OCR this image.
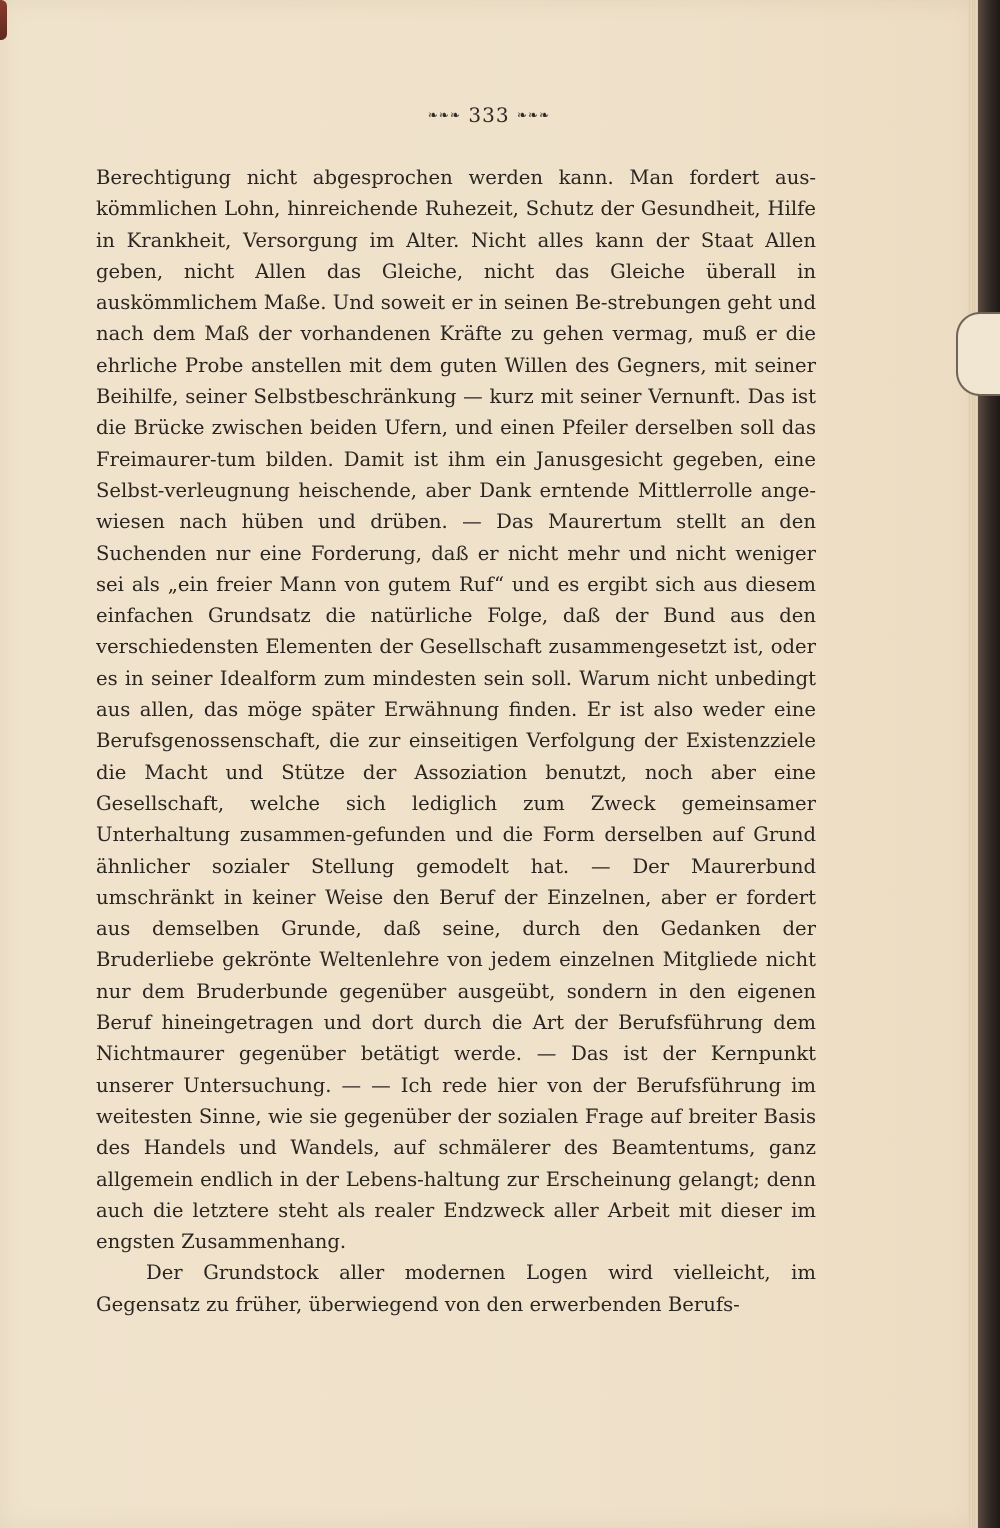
❧❧❧ 333 ❧❧❧

Berechtigung nicht abgesprochen werden kann. Man fordert aus-kömmlichen Lohn, hinreichende Ruhezeit, Schutz der Gesundheit, Hilfe in Krankheit, Versorgung im Alter. Nicht alles kann der Staat Allen geben, nicht Allen das Gleiche, nicht das Gleiche überall in auskömmlichem Maße. Und soweit er in seinen Be-strebungen geht und nach dem Maß der vorhandenen Kräfte zu gehen vermag, muß er die ehrliche Probe anstellen mit dem guten Willen des Gegners, mit seiner Beihilfe, seiner Selbstbeschränkung — kurz mit seiner Vernunft. Das ist die Brücke zwischen beiden Ufern, und einen Pfeiler derselben soll das Freimaurer-tum bilden. Damit ist ihm ein Janusgesicht gegeben, eine Selbst-verleugnung heischende, aber Dank erntende Mittlerrolle ange-wiesen nach hüben und drüben. — Das Maurertum stellt an den Suchenden nur eine Forderung, daß er nicht mehr und nicht weniger sei als „ein freier Mann von gutem Ruf“ und es ergibt sich aus diesem einfachen Grundsatz die natürliche Folge, daß der Bund aus den verschiedensten Elementen der Gesellschaft zusammengesetzt ist, oder es in seiner Idealform zum mindesten sein soll. Warum nicht unbedingt aus allen, das möge später Erwähnung finden. Er ist also weder eine Berufsgenossenschaft, die zur einseitigen Verfolgung der Existenzziele die Macht und Stütze der Assoziation benutzt, noch aber eine Gesellschaft, welche sich lediglich zum Zweck gemeinsamer Unterhaltung zusammen-gefunden und die Form derselben auf Grund ähnlicher sozialer Stellung gemodelt hat. — Der Maurerbund umschränkt in keiner Weise den Beruf der Einzelnen, aber er fordert aus demselben Grunde, daß seine, durch den Gedanken der Bruderliebe gekrönte Weltenlehre von jedem einzelnen Mitgliede nicht nur dem Bruderbunde gegenüber ausgeübt, sondern in den eigenen Beruf hineingetragen und dort durch die Art der Berufsführung dem Nichtmaurer gegenüber betätigt werde. — Das ist der Kernpunkt unserer Untersuchung. — — Ich rede hier von der Berufsführung im weitesten Sinne, wie sie gegenüber der sozialen Frage auf breiter Basis des Handels und Wandels, auf schmälerer des Beamtentums, ganz allgemein endlich in der Lebens-haltung zur Erscheinung gelangt; denn auch die letztere steht als realer Endzweck aller Arbeit mit dieser im engsten Zusammenhang.

Der Grundstock aller modernen Logen wird vielleicht, im Gegensatz zu früher, überwiegend von den erwerbenden Berufs-
